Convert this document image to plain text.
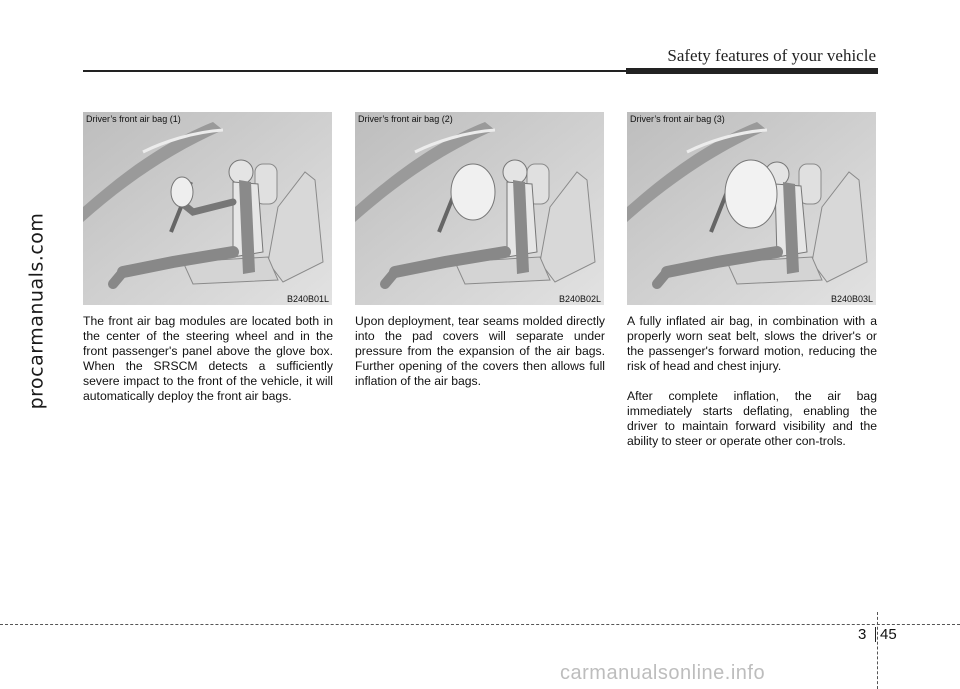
Safety features of your vehicle
procarmanuals.com
Driver’s front air bag (1)
B240B01L
Driver’s front air bag (2)
B240B02L
Driver’s front air bag (3)
B240B03L

The front air bag modules are located both in the center of the steering wheel and in the front passenger's panel above the glove box. When the SRSCM detects a sufficiently severe impact to the front of the vehicle, it will automatically deploy the front air bags.

Upon deployment, tear seams molded directly into the pad covers will separate under pressure from the expansion of the air bags. Further opening of the covers then allows full inflation of the air bags.

A fully inflated air bag, in combination with a properly worn seat belt, slows the driver's or the passenger's forward motion, reducing the risk of head and chest injury.

After complete inflation, the air bag immediately starts deflating, enabling the driver to maintain forward visibility and the ability to steer or operate other con-trols.

3 45
carmanualsonline.info
